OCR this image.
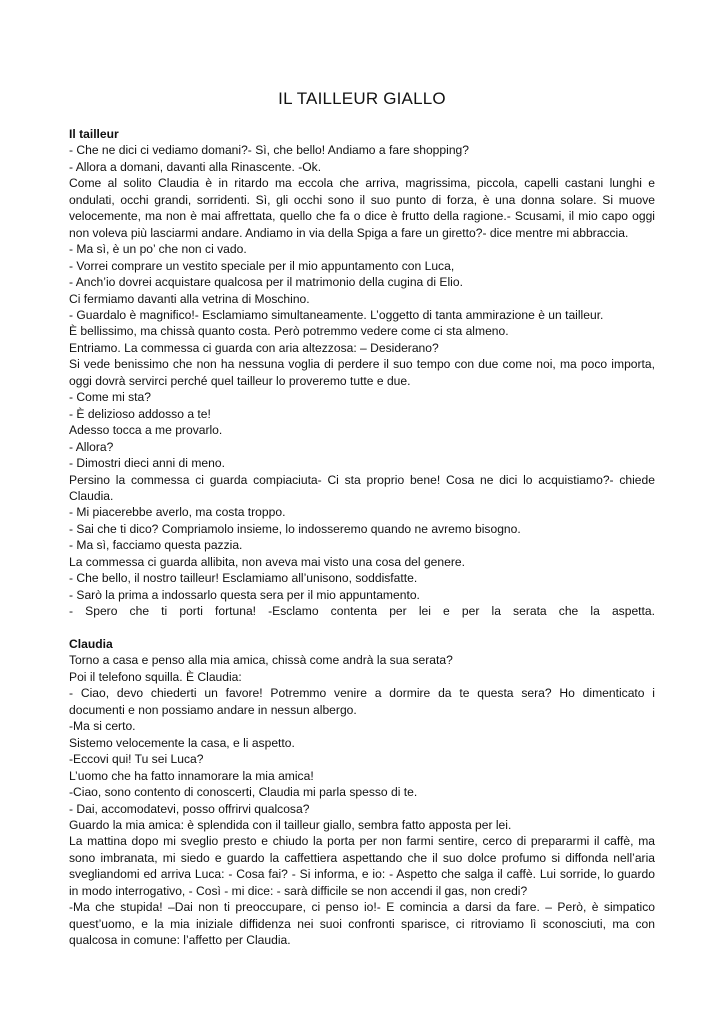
IL TAILLEUR GIALLO
Il tailleur
- Che ne dici ci vediamo domani?- Sì, che bello! Andiamo a fare shopping?
- Allora a domani, davanti alla Rinascente. -Ok.
Come al solito Claudia è in ritardo ma eccola che arriva, magrissima, piccola, capelli castani lunghi e
ondulati, occhi grandi, sorridenti. Sì, gli occhi sono il suo punto di forza, è una donna solare. Si muove
velocemente, ma non è mai affrettata, quello che fa o dice è frutto della ragione.- Scusami, il mio capo oggi
non voleva più lasciarmi andare. Andiamo in via della Spiga a fare un giretto?- dice mentre mi abbraccia.
- Ma sì, è un po’ che non ci vado.
- Vorrei comprare un vestito speciale per il mio appuntamento con Luca,
- Anch’io dovrei acquistare qualcosa per il matrimonio della cugina di Elio.
Ci fermiamo davanti alla vetrina di Moschino.
- Guardalo è magnifico!- Esclamiamo simultaneamente. L’oggetto di tanta ammirazione è un tailleur.
È bellissimo, ma chissà quanto costa. Però potremmo vedere come ci sta almeno.
Entriamo. La commessa ci guarda con aria altezzosa: – Desiderano?
Si vede benissimo che non ha nessuna voglia di perdere il suo tempo con due come noi, ma poco importa,
oggi dovrà servirci perché quel tailleur lo proveremo tutte e due.
- Come mi sta?
- È delizioso addosso a te!
Adesso tocca a me provarlo.
- Allora?
- Dimostri dieci anni di meno.
Persino la commessa ci guarda compiaciuta- Ci sta proprio bene! Cosa ne dici lo acquistiamo?- chiede
Claudia.
- Mi piacerebbe averlo, ma costa troppo.
- Sai che ti dico? Compriamolo insieme, lo indosseremo quando ne avremo bisogno.
- Ma sì, facciamo questa pazzia.
La commessa ci guarda allibita, non aveva mai visto una cosa del genere.
- Che bello, il nostro tailleur! Esclamiamo all’unisono, soddisfatte.
- Sarò la prima a indossarlo questa sera per il mio appuntamento.
- Spero che ti porti fortuna! -Esclamo contenta per lei e per la serata che la aspetta.
Claudia
Torno a casa e penso alla mia amica, chissà come andrà la sua serata?
Poi il telefono squilla. È Claudia:
- Ciao, devo chiederti un favore! Potremmo venire a dormire da te questa sera? Ho dimenticato i
documenti e non possiamo andare in nessun albergo.
-Ma si certo.
Sistemo velocemente la casa, e li aspetto.
-Eccovi qui! Tu sei Luca?
L’uomo che ha fatto innamorare la mia amica!
-Ciao, sono contento di conoscerti, Claudia mi parla spesso di te.
- Dai, accomodatevi, posso offrirvi qualcosa?
Guardo la mia amica: è splendida con il tailleur giallo, sembra fatto apposta per lei.
La mattina dopo mi sveglio presto e chiudo la porta per non farmi sentire, cerco di prepararmi il caffè, ma
sono imbranata, mi siedo e guardo la caffettiera aspettando che il suo dolce profumo si diffonda nell’aria
svegliandomi ed arriva Luca: - Cosa fai? - Si informa, e io: - Aspetto che salga il caffè. Lui sorride, lo guardo
in modo interrogativo, - Così - mi dice: - sarà difficile se non accendi il gas, non credi?
-Ma che stupida! –Dai non ti preoccupare, ci penso io!- E comincia a darsi da fare. – Però, è simpatico
quest’uomo, e la mia iniziale diffidenza nei suoi confronti sparisce, ci ritroviamo lì sconosciuti, ma con
qualcosa in comune: l’affetto per Claudia.
